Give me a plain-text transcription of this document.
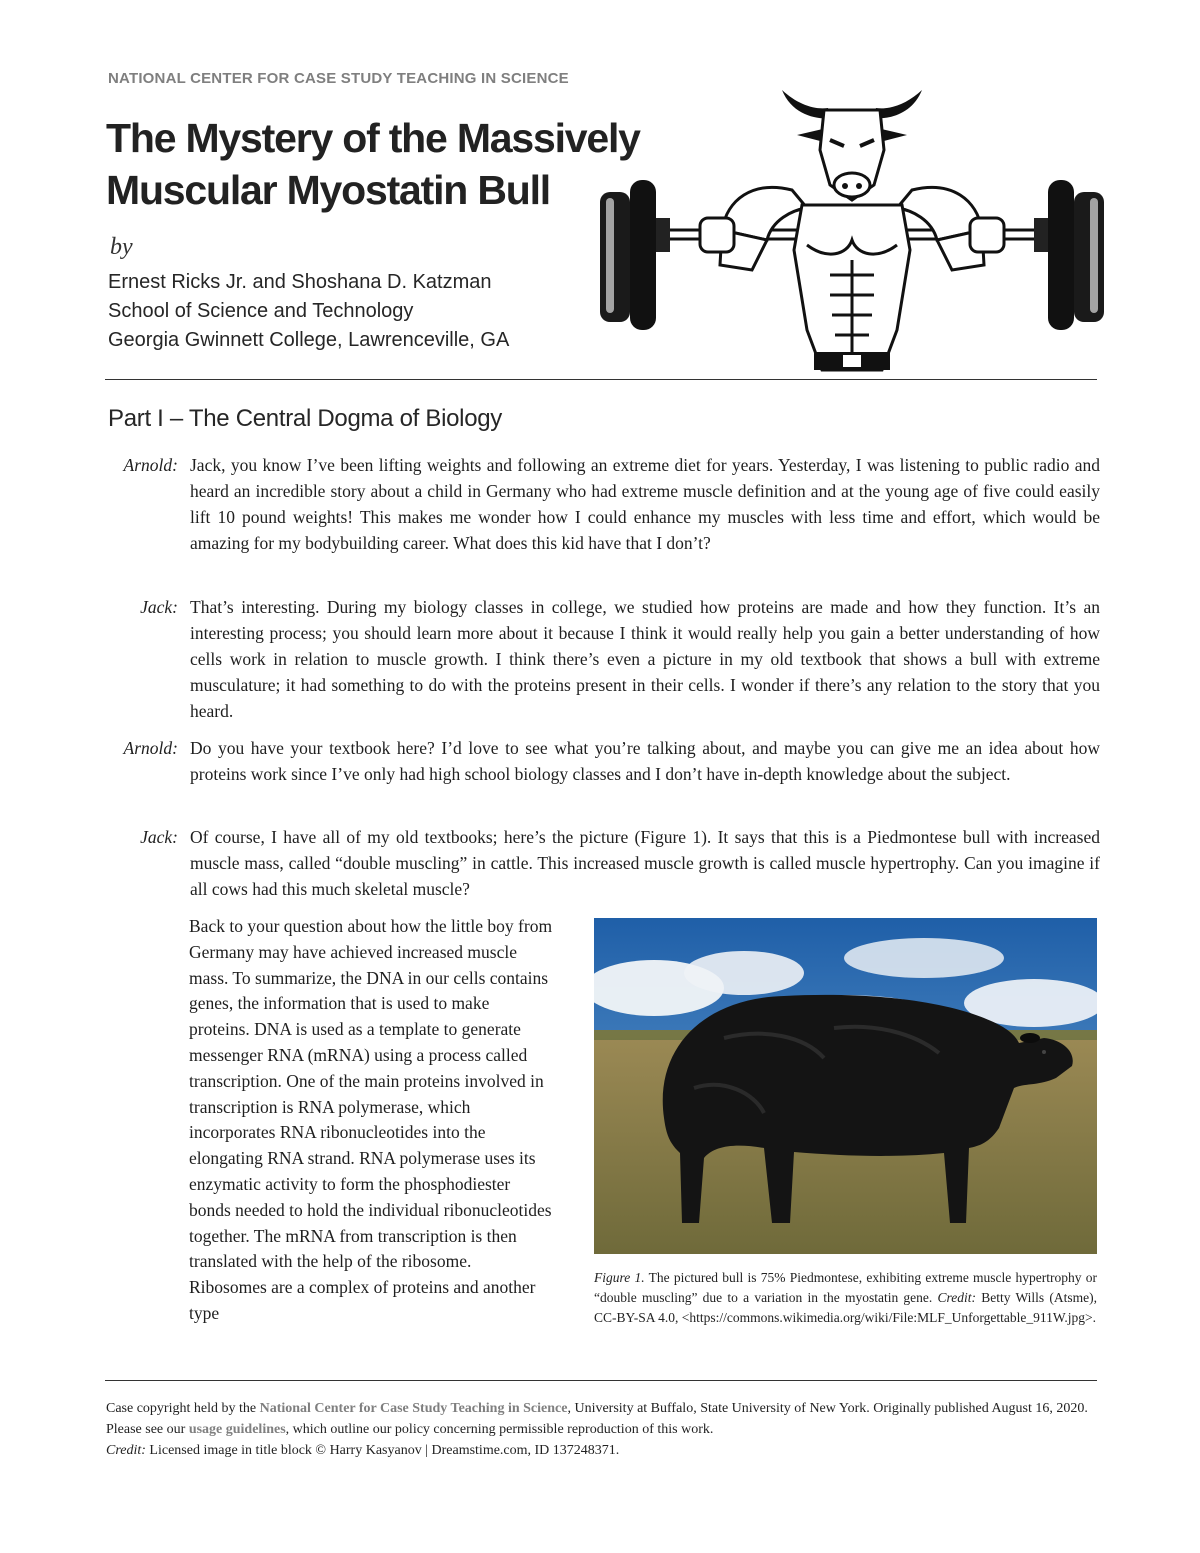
NATIONAL CENTER FOR CASE STUDY TEACHING IN SCIENCE
The Mystery of the Massively
Muscular Myostatin Bull
by
Ernest Ricks Jr. and Shoshana D. Katzman
School of Science and Technology
Georgia Gwinnett College, Lawrenceville, GA
Part I – The Central Dogma of Biology
Arnold: Jack, you know I’ve been lifting weights and following an extreme diet for years. Yesterday, I was listening to public radio and heard an incredible story about a child in Germany who had extreme muscle definition and at the young age of five could easily lift 10 pound weights! This makes me wonder how I could enhance my muscles with less time and effort, which would be amazing for my bodybuilding career. What does this kid have that I don’t?
Jack: That’s interesting. During my biology classes in college, we studied how proteins are made and how they function. It’s an interesting process; you should learn more about it because I think it would really help you gain a better understanding of how cells work in relation to muscle growth. I think there’s even a picture in my old textbook that shows a bull with extreme musculature; it had something to do with the proteins present in their cells. I wonder if there’s any relation to the story that you heard.
Arnold: Do you have your textbook here? I’d love to see what you’re talking about, and maybe you can give me an idea about how proteins work since I’ve only had high school biology classes and I don’t have in-depth knowledge about the subject.
Jack: Of course, I have all of my old textbooks; here’s the picture (Figure 1). It says that this is a Piedmontese bull with increased muscle mass, called “double muscling” in cattle. This increased muscle growth is called muscle hypertrophy. Can you imagine if all cows had this much skeletal muscle?
Back to your question about how the little boy from Germany may have achieved increased muscle mass. To summarize, the DNA in our cells contains genes, the information that is used to make proteins. DNA is used as a template to generate messenger RNA (mRNA) using a process called transcription. One of the main proteins involved in transcription is RNA polymerase, which incorporates RNA ribonucleotides into the elongating RNA strand. RNA polymerase uses its enzymatic activity to form the phosphodiester bonds needed to hold the individual ribonucleotides together. The mRNA from transcription is then translated with the help of the ribosome. Ribosomes are a complex of proteins and another type
Figure 1. The pictured bull is 75% Piedmontese, exhibiting extreme muscle hypertrophy or “double muscling” due to a variation in the myostatin gene. Credit: Betty Wills (Atsme), CC-BY-SA 4.0, <https://commons.wikimedia.org/wiki/File:MLF_Unforgettable_911W.jpg>.
Case copyright held by the National Center for Case Study Teaching in Science, University at Buffalo, State University of New York. Originally published August 16, 2020. Please see our usage guidelines, which outline our policy concerning permissible reproduction of this work.
Credit: Licensed image in title block © Harry Kasyanov | Dreamstime.com, ID 137248371.
